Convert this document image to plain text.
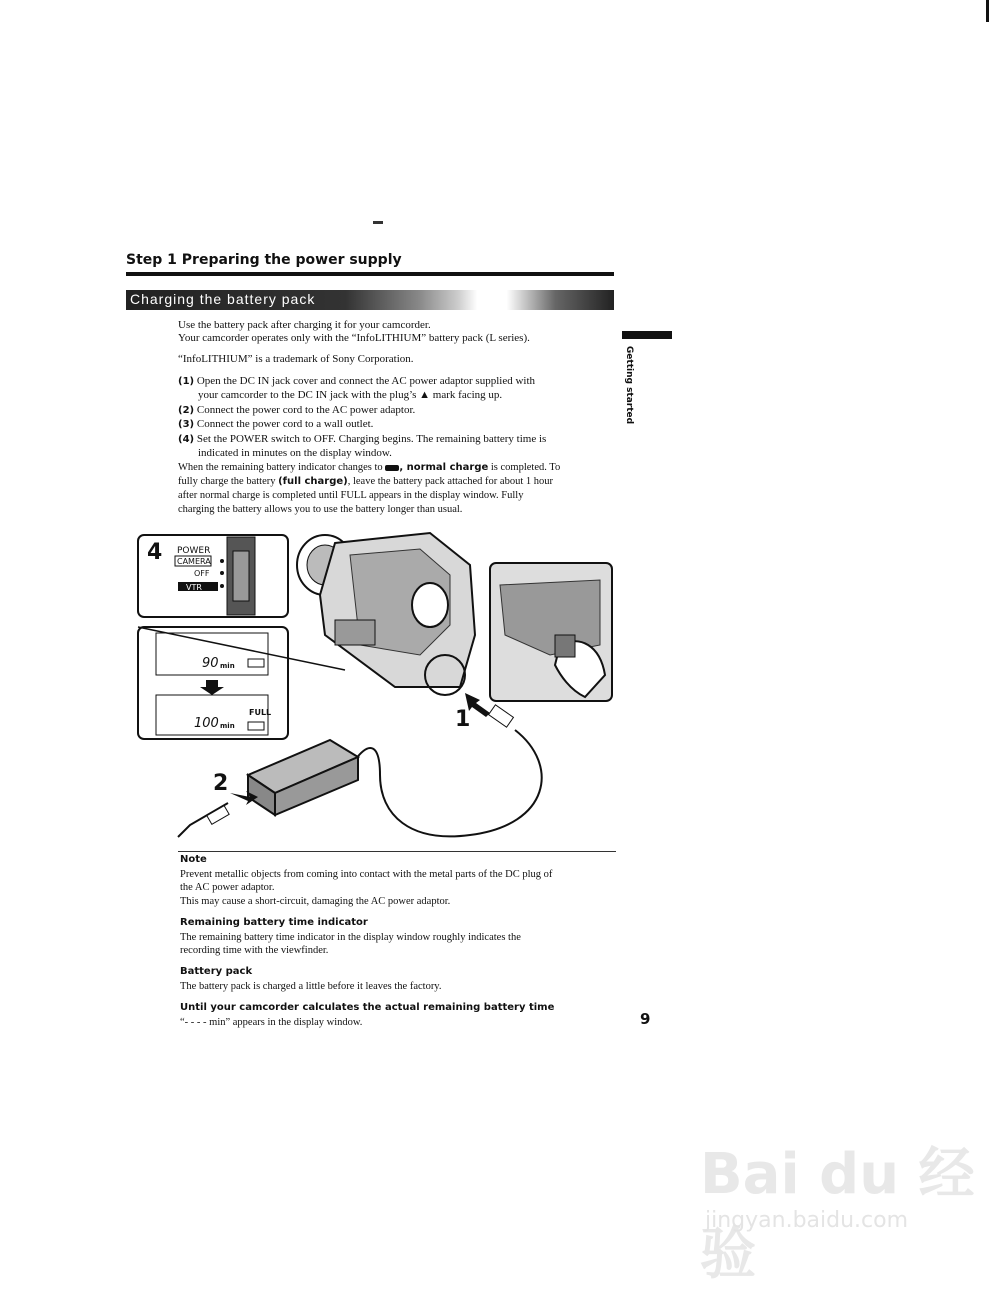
Step 1 Preparing the power supply
Charging the battery pack
Getting started
Use the battery pack after charging it for your camcorder.
Your camcorder operates only with the “InfoLITHIUM” battery pack (L series).
“InfoLITHIUM” is a trademark of Sony Corporation.
(1) Open the DC IN jack cover and connect the AC power adaptor supplied with
your camcorder to the DC IN jack with the plug’s ▲ mark facing up.
(2) Connect the power cord to the AC power adaptor.
(3) Connect the power cord to a wall outlet.
(4) Set the POWER switch to OFF. Charging begins. The remaining battery time is
indicated in minutes on the display window.
When the remaining battery indicator changes to , normal charge is completed. To
fully charge the battery (full charge), leave the battery pack attached for about 1 hour
after normal charge is completed until FULL appears in the display window. Fully
charging the battery allows you to use the battery longer than usual.
4 POWER
CAMERA
OFF
VTR
90 min
100 min
FULL	1
2
Note
Prevent metallic objects from coming into contact with the metal parts of the DC plug of
the AC power adaptor.
This may cause a short-circuit, damaging the AC power adaptor.
Remaining battery time indicator
The remaining battery time indicator in the display window roughly indicates the
recording time with the viewfinder.
Battery pack
The battery pack is charged a little before it leaves the factory.
Until your camcorder calculates the actual remaining battery time
“- - - - min” appears in the display window.	9
Bai du 经验
jingyan.baidu.com
